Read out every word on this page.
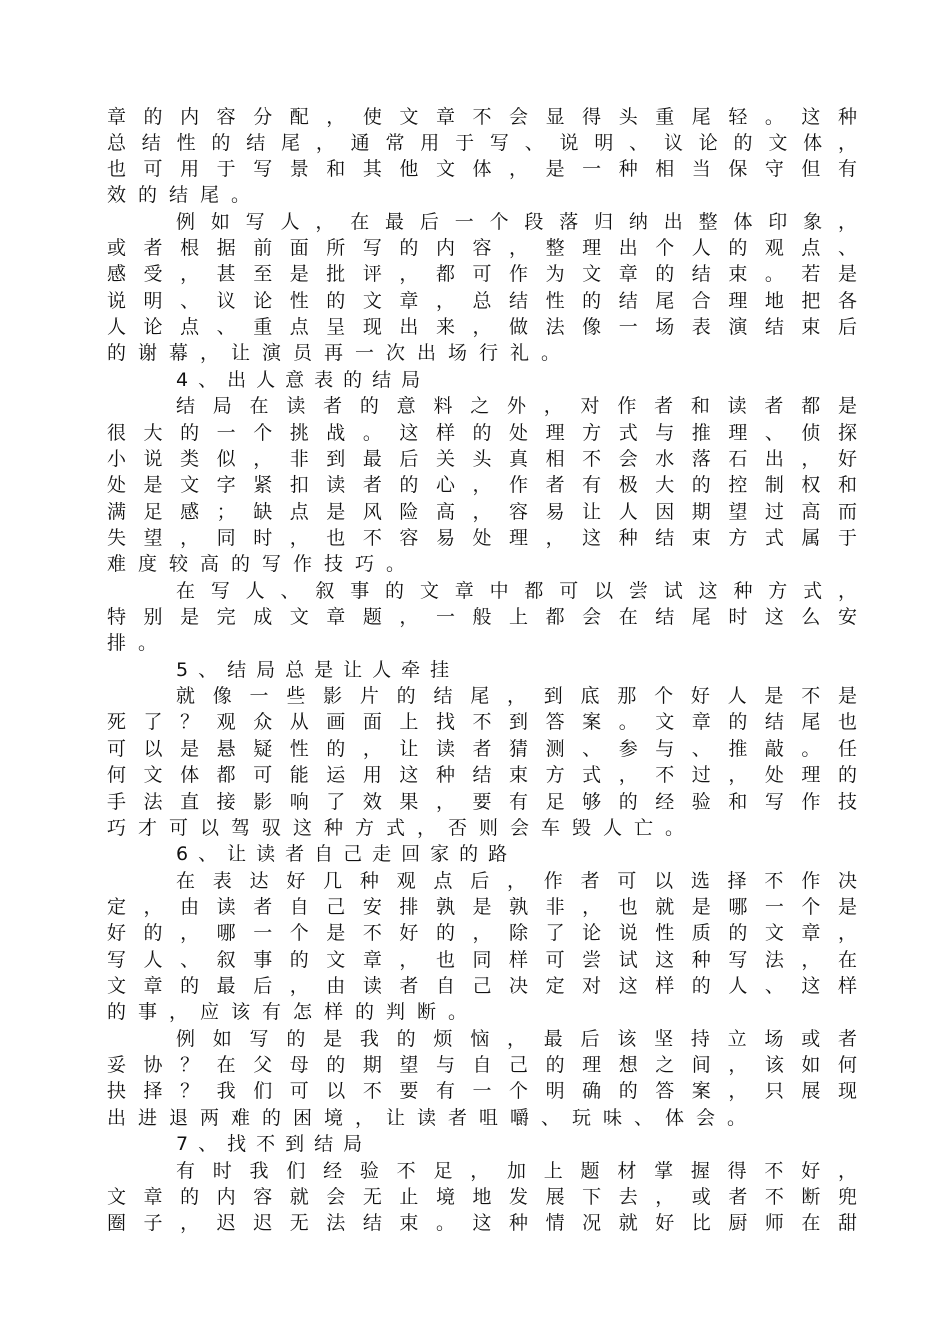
章的内容分配，使文章不会显得头重尾轻。这种
总结性的结尾，通常用于写、说明、议论的文体，
也可用于写景和其他文体，是一种相当保守但有
效的结尾。
例如写人，在最后一个段落归纳出整体印象，
或者根据前面所写的内容，整理出个人的观点、
感受，甚至是批评，都可作为文章的结束。若是
说明、议论性的文章，总结性的结尾合理地把各
人论点、重点呈现出来，做法像一场表演结束后
的谢幕，让演员再一次出场行礼。
4、出人意表的结局
结局在读者的意料之外，对作者和读者都是
很大的一个挑战。这样的处理方式与推理、侦探
小说类似，非到最后关头真相不会水落石出，好
处是文字紧扣读者的心，作者有极大的控制权和
满足感；缺点是风险高，容易让人因期望过高而
失望，同时，也不容易处理，这种结束方式属于
难度较高的写作技巧。
在写人、叙事的文章中都可以尝试这种方式，
特别是完成文章题，一般上都会在结尾时这么安
排。
5、结局总是让人牵挂
就像一些影片的结尾，到底那个好人是不是
死了？观众从画面上找不到答案。文章的结尾也
可以是悬疑性的，让读者猜测、参与、推敲。任
何文体都可能运用这种结束方式，不过，处理的
手法直接影响了效果，要有足够的经验和写作技
巧才可以驾驭这种方式，否则会车毁人亡。
6、让读者自己走回家的路
在表达好几种观点后，作者可以选择不作决
定，由读者自己安排孰是孰非，也就是哪一个是
好的，哪一个是不好的，除了论说性质的文章，
写人、叙事的文章，也同样可尝试这种写法，在
文章的最后，由读者自己决定对这样的人、这样
的事，应该有怎样的判断。
例如写的是我的烦恼，最后该坚持立场或者
妥协？在父母的期望与自己的理想之间，该如何
抉择？我们可以不要有一个明确的答案，只展现
出进退两难的困境，让读者咀嚼、玩味、体会。
7、找不到结局
有时我们经验不足，加上题材掌握得不好，
文章的内容就会无止境地发展下去，或者不断兜
圈子，迟迟无法结束。这种情况就好比厨师在甜
